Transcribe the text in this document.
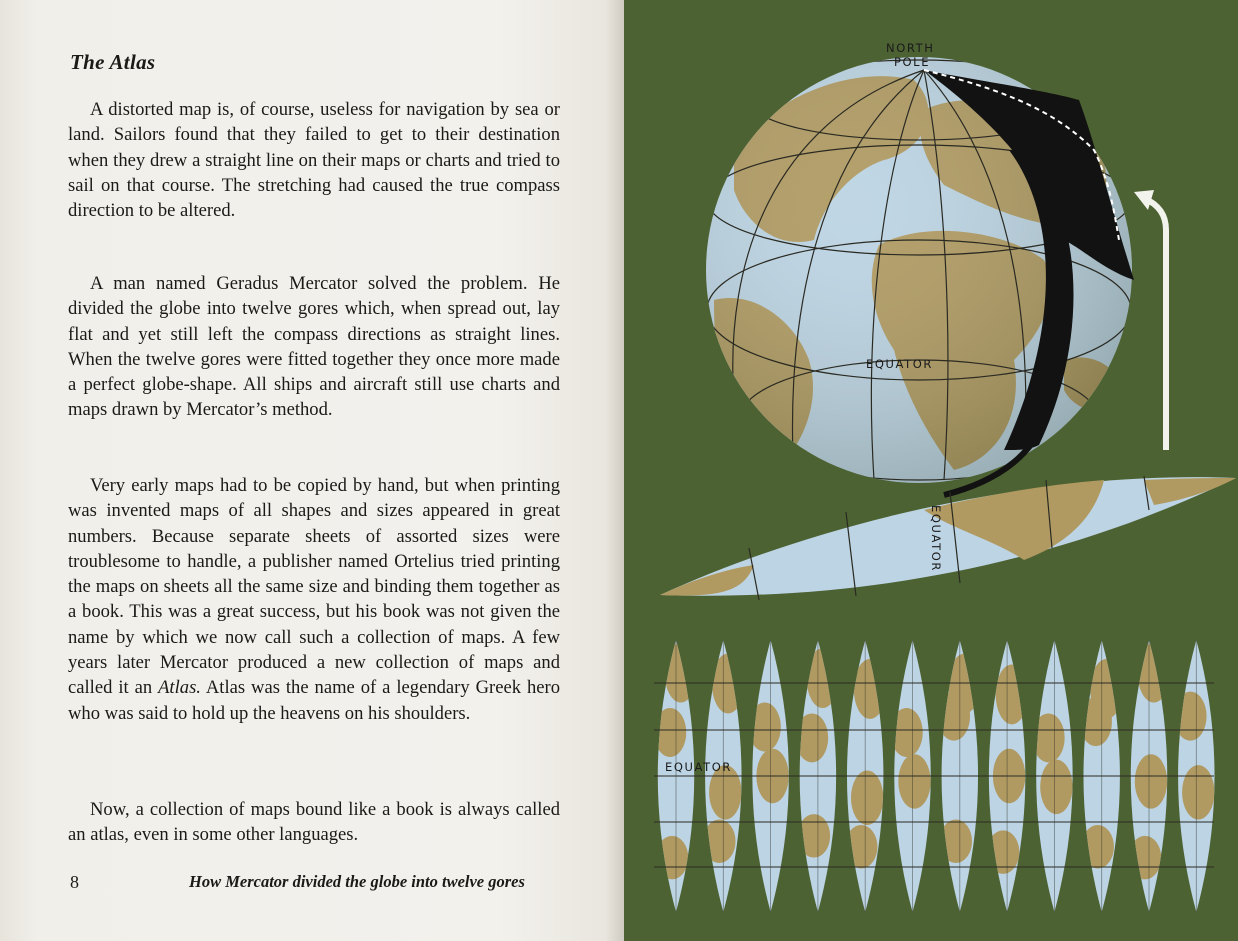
The Atlas

A distorted map is, of course, useless for navigation by sea or land. Sailors found that they failed to get to their destination when they drew a straight line on their maps or charts and tried to sail on that course. The stretching had caused the true compass direction to be altered.

A man named Geradus Mercator solved the problem. He divided the globe into twelve gores which, when spread out, lay flat and yet still left the compass directions as straight lines. When the twelve gores were fitted together they once more made a perfect globe-shape. All ships and aircraft still use charts and maps drawn by Mercator’s method.

Very early maps had to be copied by hand, but when printing was invented maps of all shapes and sizes appeared in great numbers. Because separate sheets of assorted sizes were troublesome to handle, a publisher named Ortelius tried printing the maps on sheets all the same size and binding them together as a book. This was a great success, but his book was not given the name by which we now call such a collection of maps. A few years later Mercator produced a new collection of maps and called it an Atlas. Atlas was the name of a legendary Greek hero who was said to hold up the heavens on his shoulders.

Now, a collection of maps bound like a book is always called an atlas, even in some other languages.

8	How Mercator divided the globe into twelve gores
NORTH
POLE
EQUATOR
EQUATOR
EQUATOR
